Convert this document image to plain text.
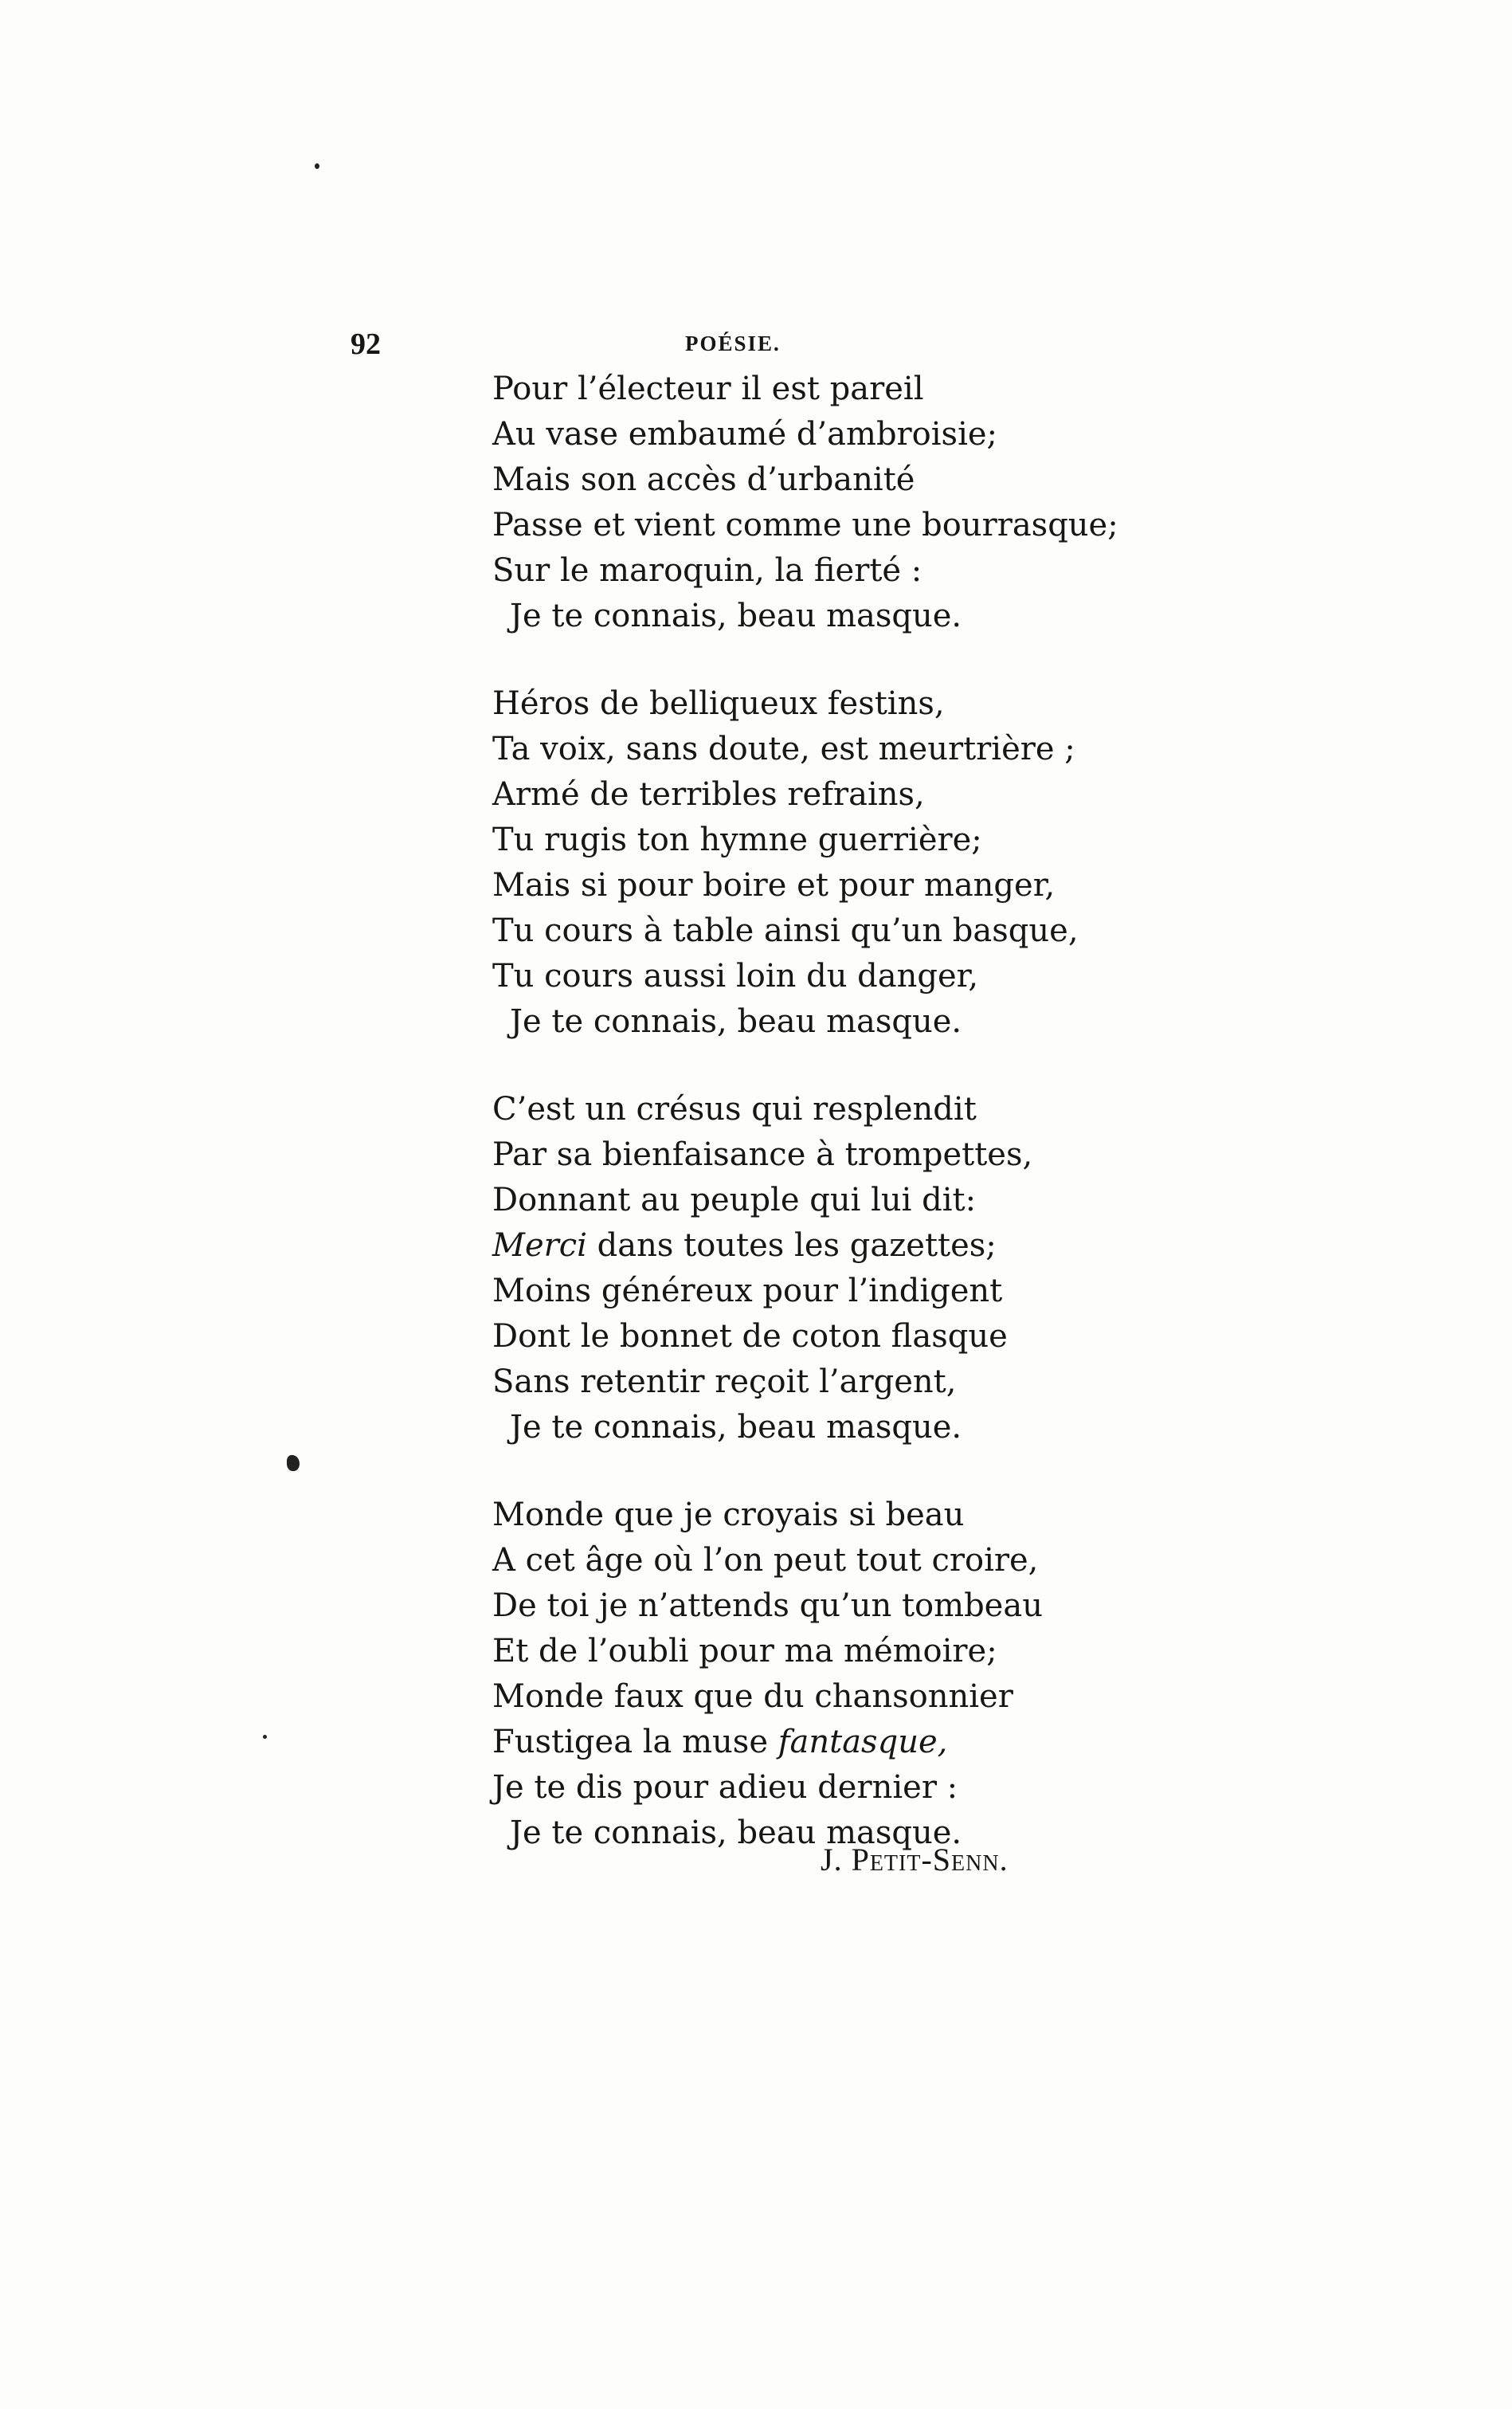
92	POÉSIE.
Pour l’électeur il est pareil
Au vase embaumé d’ambroisie;
Mais son accès d’urbanité
Passe et vient comme une bourrasque;
Sur le maroquin, la fierté :
Je te connais, beau masque.
Héros de belliqueux festins,
Ta voix, sans doute, est meurtrière ;
Armé de terribles refrains,
Tu rugis ton hymne guerrière;
Mais si pour boire et pour manger,
Tu cours à table ainsi qu’un basque,
Tu cours aussi loin du danger,
Je te connais, beau masque.
C’est un crésus qui resplendit
Par sa bienfaisance à trompettes,
Donnant au peuple qui lui dit:
Merci dans toutes les gazettes;
Moins généreux pour l’indigent
Dont le bonnet de coton flasque
Sans retentir reçoit l’argent,
Je te connais, beau masque.
Monde que je croyais si beau
A cet âge où l’on peut tout croire,
De toi je n’attends qu’un tombeau
Et de l’oubli pour ma mémoire;
Monde faux que du chansonnier
Fustigea la muse fantasque,
Je te dis pour adieu dernier :
Je te connais, beau masque.
J. Petit-Senn.
